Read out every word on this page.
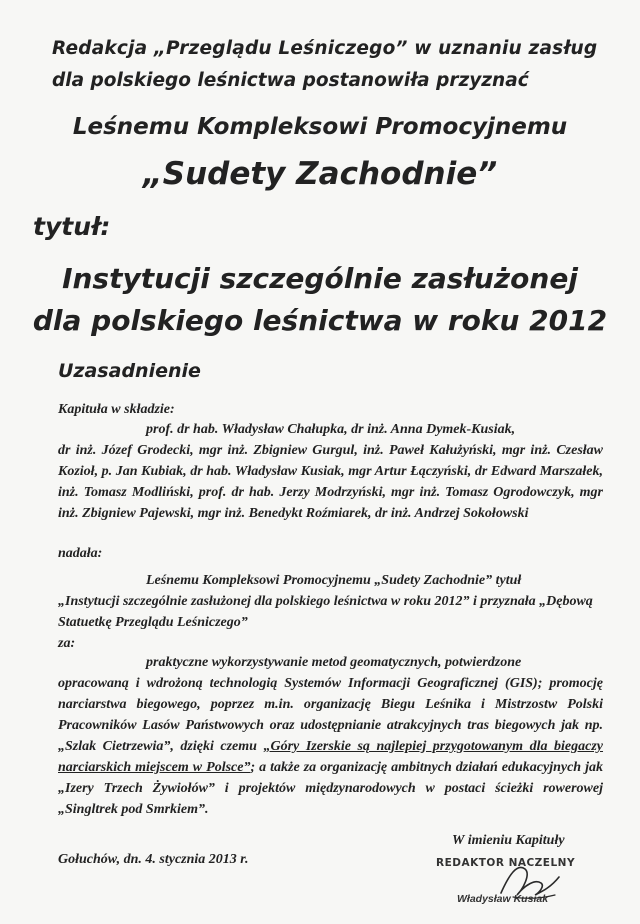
Redakcja „Przeglądu Leśniczego” w uznaniu zasług
dla polskiego leśnictwa postanowiła przyznać
Leśnemu Kompleksowi Promocyjnemu
„Sudety Zachodnie”
tytuł:
Instytucji szczególnie zasłużonej
dla polskiego leśnictwa w roku 2012
Uzasadnienie
Kapituła w składzie:

prof. dr hab. Władysław Chałupka, dr inż. Anna Dymek-Kusiak,

dr inż. Józef Grodecki, mgr inż. Zbigniew Gurgul, inż. Paweł Kałużyński, mgr inż. Czesław Kozioł, p. Jan Kubiak, dr hab. Władysław Kusiak, mgr Artur Łączyński, dr Edward Marszałek, inż. Tomasz Modliński, prof. dr hab. Jerzy Modrzyński, mgr inż. Tomasz Ogrodowczyk, mgr inż. Zbigniew Pajewski, mgr inż. Benedykt Roźmiarek, dr inż. Andrzej Sokołowski

nadała:
Leśnemu Kompleksowi Promocyjnemu „Sudety Zachodnie” tytuł
„Instytucji szczególnie zasłużonej dla polskiego leśnictwa w roku 2012” i przyznała „Dębową Statuetkę Przeglądu Leśniczego”
za:
praktyczne wykorzystywanie metod geomatycznych, potwierdzone
opracowaną i wdrożoną technologią Systemów Informacji Geograficznej (GIS); promocję narciarstwa biegowego, poprzez m.in. organizację Biegu Leśnika i Mistrzostw Polski Pracowników Lasów Państwowych oraz udostępnianie atrakcyjnych tras biegowych jak np. „Szlak Cietrzewia”, dzięki czemu „Góry Izerskie są najlepiej przygotowanym dla biegaczy narciarskich miejscem w Polsce”; a także za organizację ambitnych działań edukacyjnych jak „Izery Trzech Żywiołów” i projektów międzynarodowych w postaci ścieżki rowerowej „Singltrek pod Smrkiem”.
W imieniu Kapituły
Gołuchów, dn. 4. stycznia 2013 r.	REDAKTOR NACZELNY
Władysław Kusiak
